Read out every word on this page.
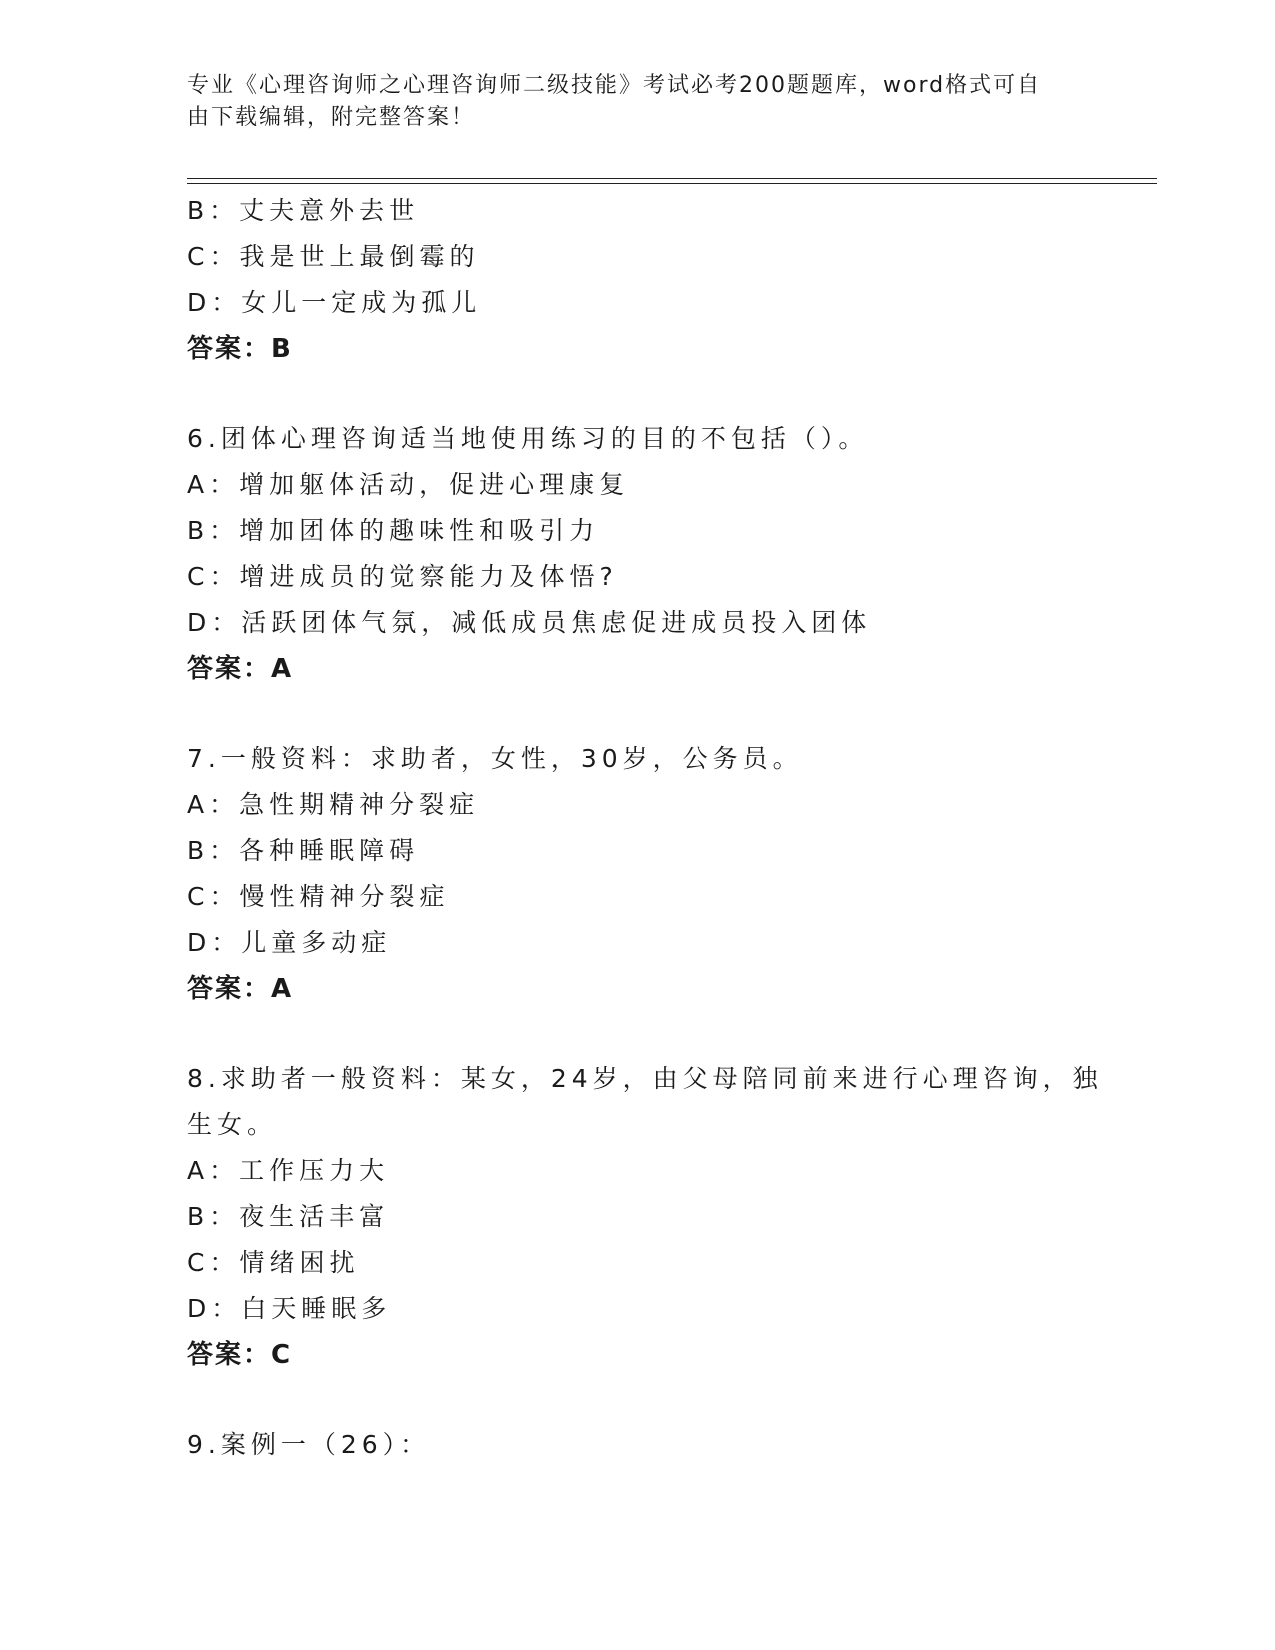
专业《心理咨询师之心理咨询师二级技能》考试必考200题题库，word格式可自
由下载编辑，附完整答案！
B：丈夫意外去世
C：我是世上最倒霉的
D：女儿一定成为孤儿
答案：B
6.团体心理咨询适当地使用练习的目的不包括（）。
A：增加躯体活动，促进心理康复
B：增加团体的趣味性和吸引力
C：增进成员的觉察能力及体悟?
D：活跃团体气氛，减低成员焦虑促进成员投入团体
答案：A
7.一般资料：求助者，女性，30岁，公务员。
A：急性期精神分裂症
B：各种睡眠障碍
C：慢性精神分裂症
D：儿童多动症
答案：A
8.求助者一般资料：某女，24岁，由父母陪同前来进行心理咨询，独
生女。
A：工作压力大
B：夜生活丰富
C：情绪困扰
D：白天睡眠多
答案：C
9.案例一（26）：
